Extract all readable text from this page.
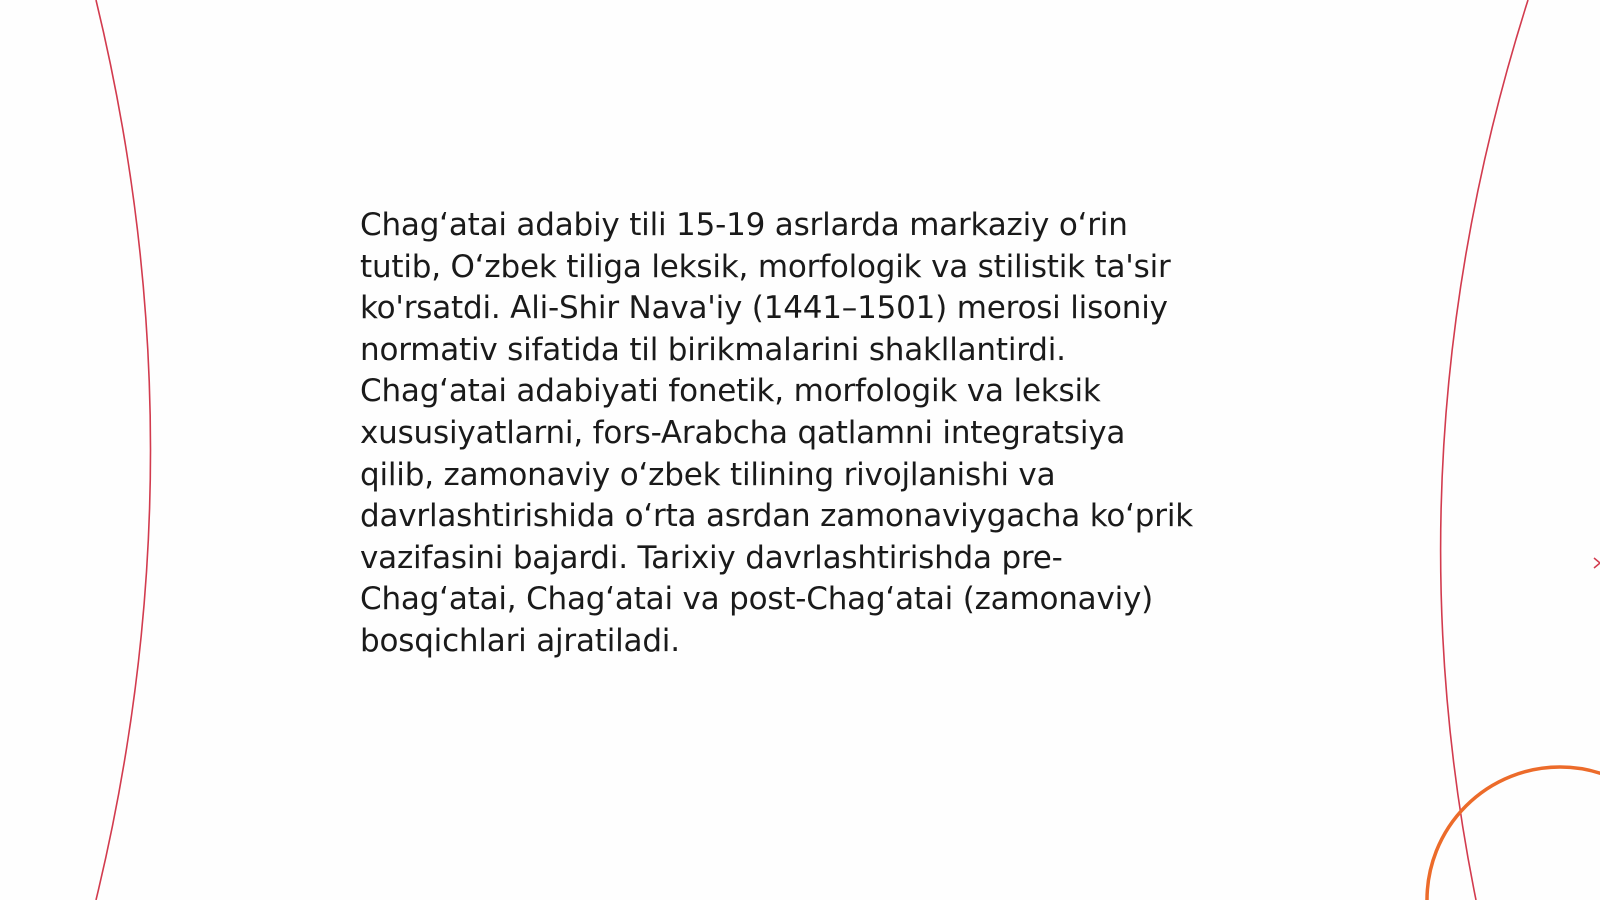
Chagʻatai adabiy tili 15-19 asrlarda markaziy oʻrin
tutib, Oʻzbek tiliga leksik, morfologik va stilistik ta'sir
ko'rsatdi. Ali-Shir Nava'iy (1441–1501) merosi lisoniy
normativ sifatida til birikmalarini shakllantirdi.
Chagʻatai adabiyati fonetik, morfologik va leksik
xususiyatlarni, fors-Arabcha qatlamni integratsiya
qilib, zamonaviy oʻzbek tilining rivojlanishi va
davrlashtirishida oʻrta asrdan zamonaviygacha koʻprik
vazifasini bajardi. Tarixiy davrlashtirishda pre-
Chagʻatai, Chagʻatai va post-Chagʻatai (zamonaviy)
bosqichlari ajratiladi.
